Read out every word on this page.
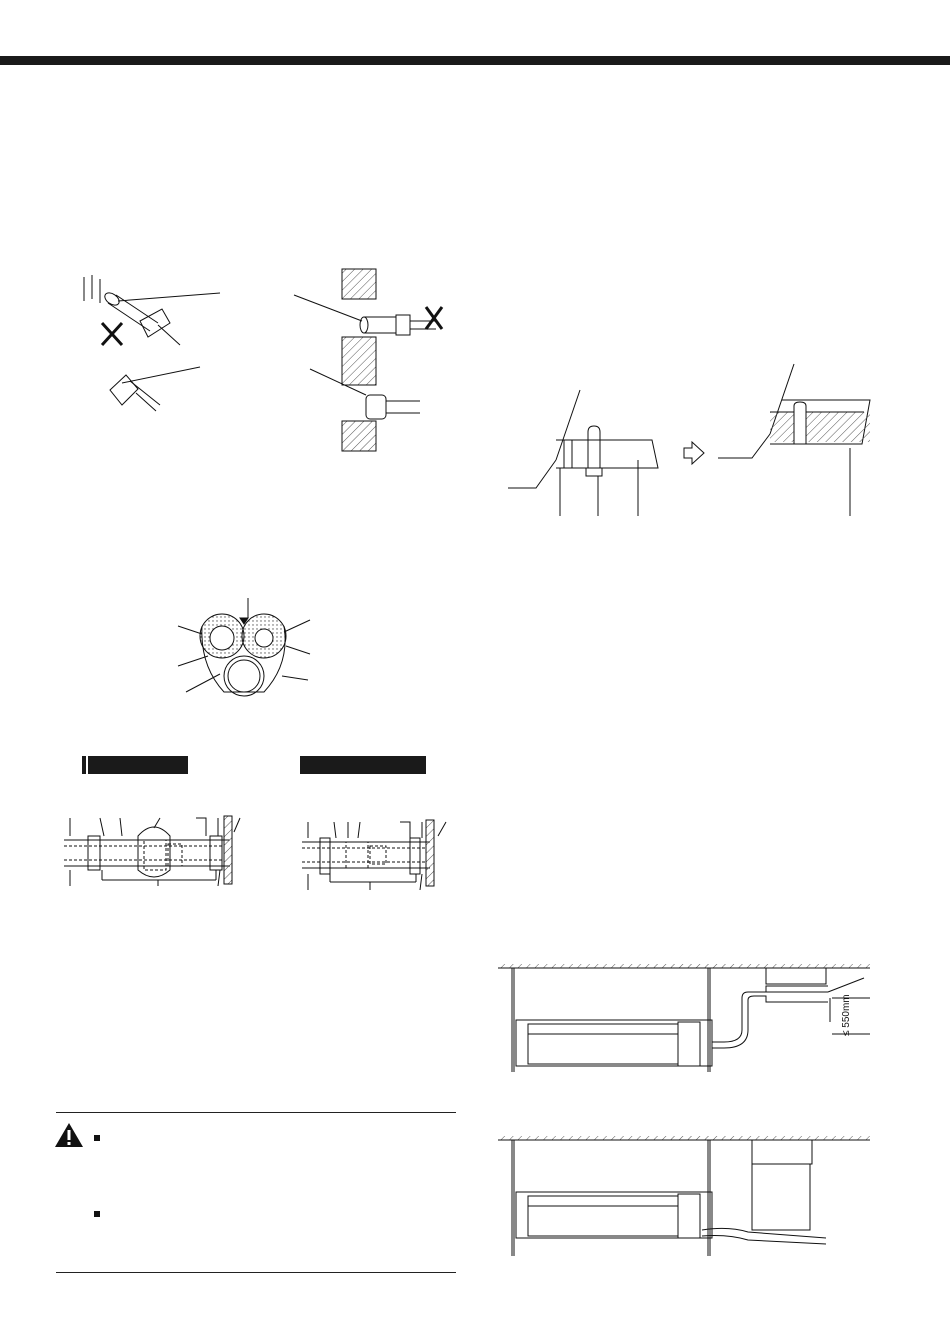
≤ 550mm
